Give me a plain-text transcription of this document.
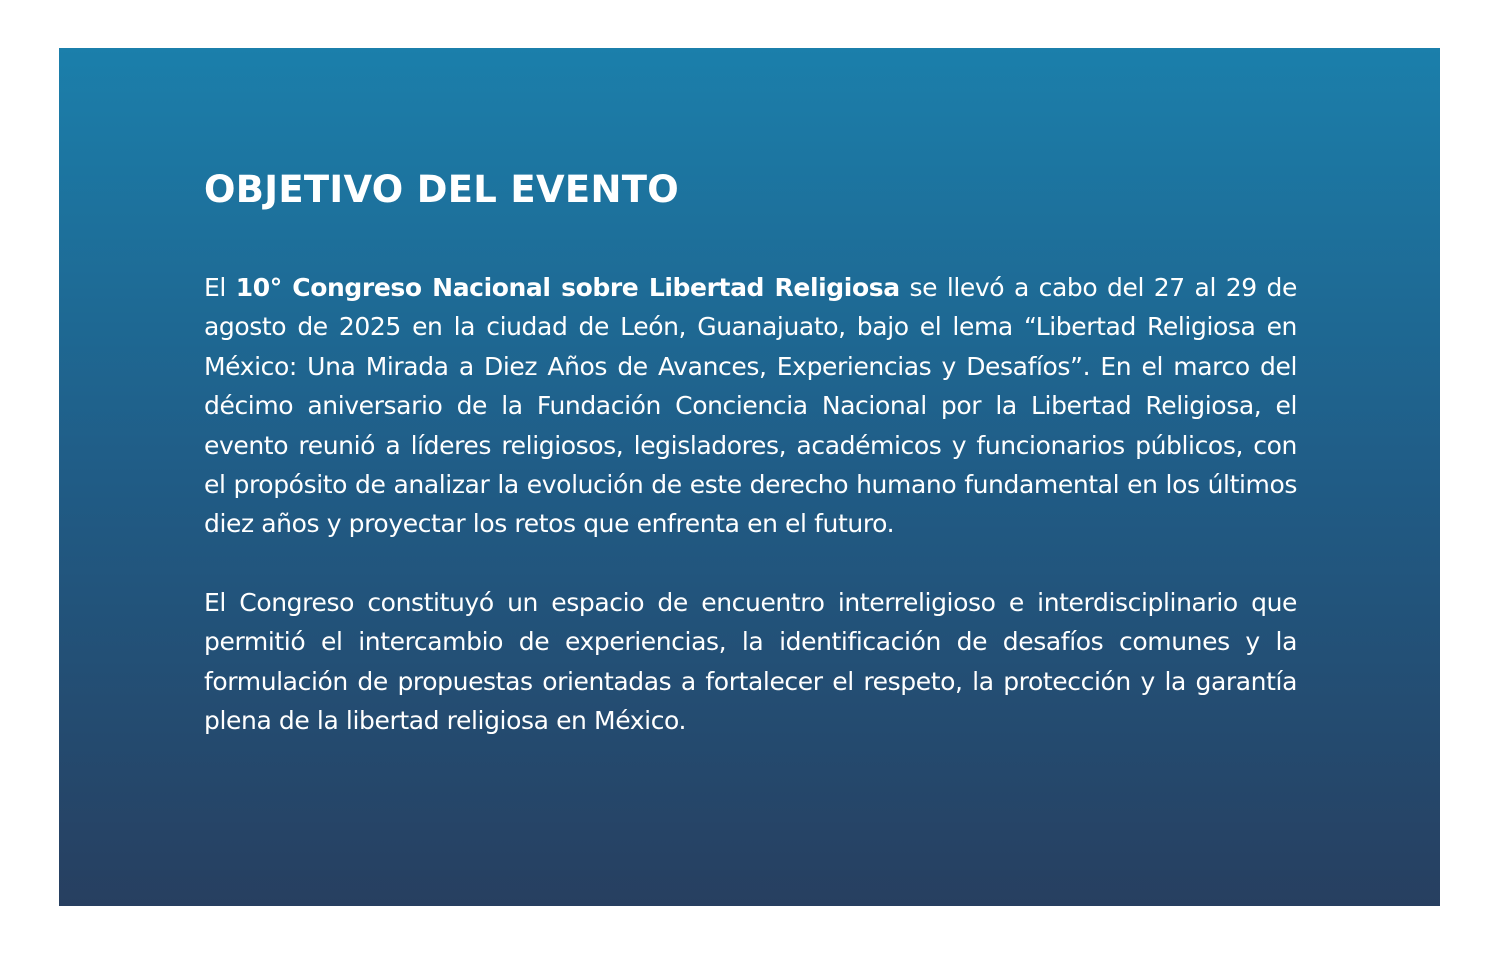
OBJETIVO DEL EVENTO

El 10° Congreso Nacional sobre Libertad Religiosa se llevó a cabo del 27 al 29 de agosto de 2025 en la ciudad de León, Guanajuato, bajo el lema “Libertad Religiosa en México: Una Mirada a Diez Años de Avances, Experiencias y Desafíos”. En el marco del décimo aniversario de la Fundación Conciencia Nacional por la Libertad Religiosa, el evento reunió a líderes religiosos, legisladores, académicos y funcionarios públicos, con el propósito de analizar la evolución de este derecho humano fundamental en los últimos diez años y proyectar los retos que enfrenta en el futuro.

El Congreso constituyó un espacio de encuentro interreligioso e interdisciplinario que permitió el intercambio de experiencias, la identificación de desafíos comunes y la formulación de propuestas orientadas a fortalecer el respeto, la protección y la garantía plena de la libertad religiosa en México.
